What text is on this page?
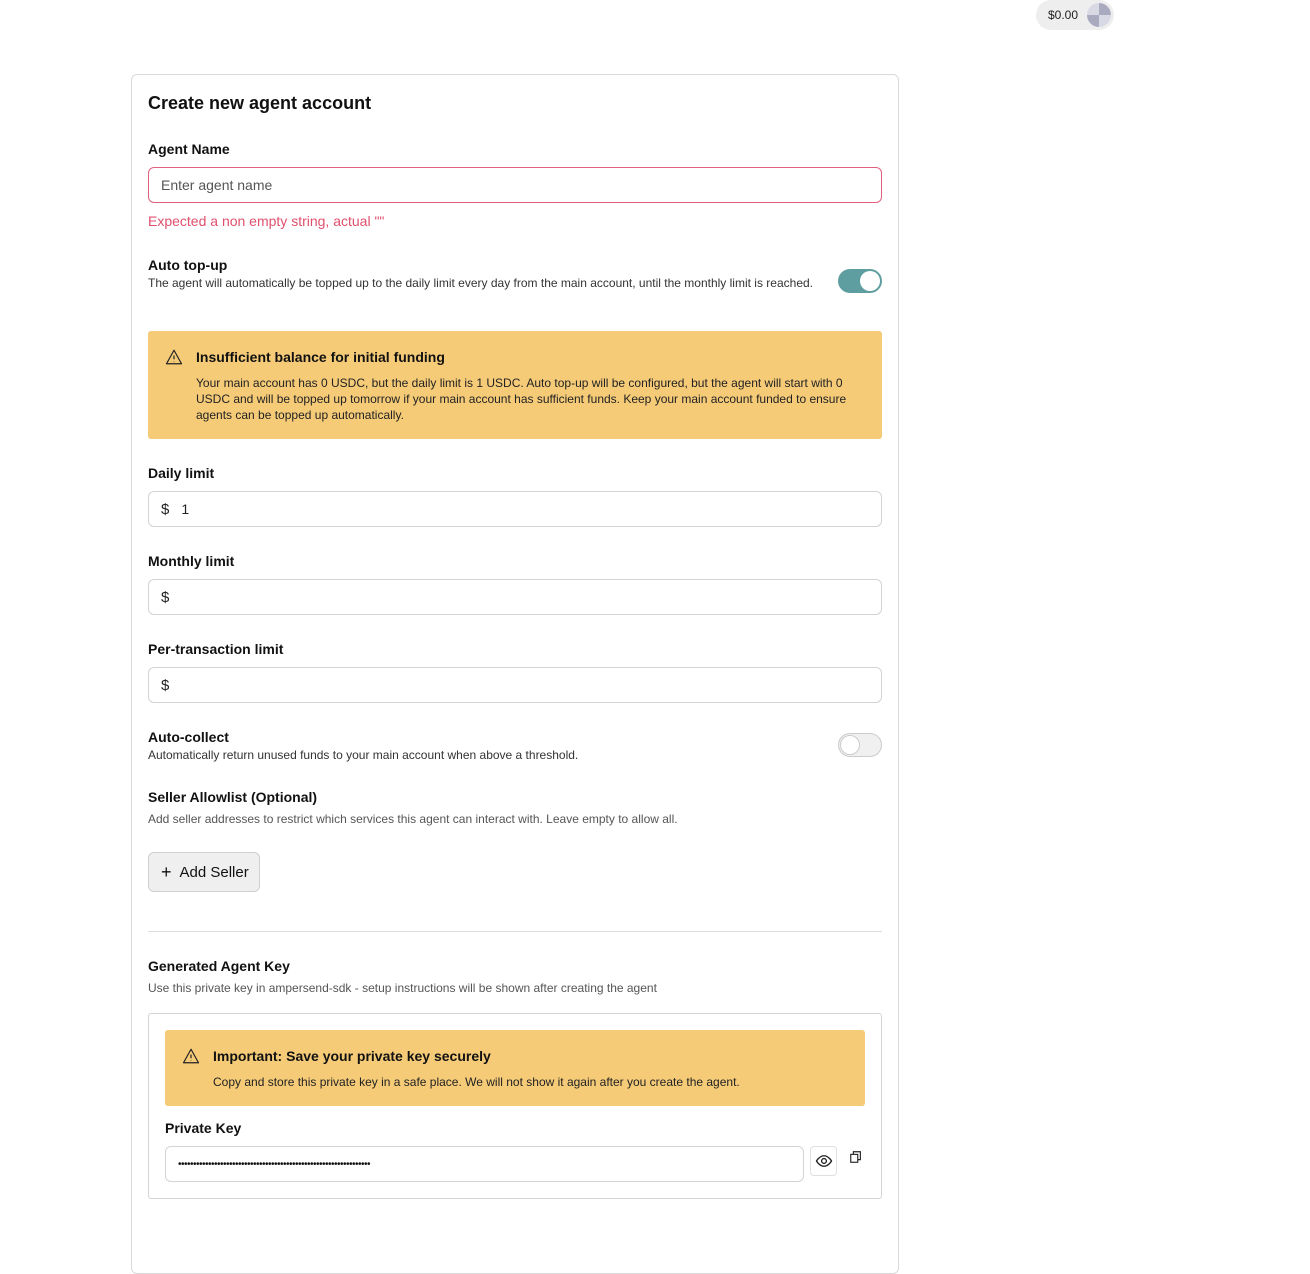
$0.00
Create new agent account
Agent Name
Enter agent name
Expected a non empty string, actual ""
Auto top-up
The agent will automatically be topped up to the daily limit every day from the main account, until the monthly limit is reached.
Insufficient balance for initial funding
Your main account has 0 USDC, but the daily limit is 1 USDC. Auto top-up will be configured, but the agent will start with 0 USDC and will be topped up tomorrow if your main account has sufficient funds. Keep your main account funded to ensure agents can be topped up automatically.
Daily limit
$ 1
Monthly limit
$
Per-transaction limit
$
Auto-collect
Automatically return unused funds to your main account when above a threshold.
Seller Allowlist (Optional)
Add seller addresses to restrict which services this agent can interact with. Leave empty to allow all.
+ Add Seller
Generated Agent Key
Use this private key in ampersend-sdk - setup instructions will be shown after creating the agent
Important: Save your private key securely
Copy and store this private key in a safe place. We will not show it again after you create the agent.
Private Key
••••••••••••••••••••••••••••••••••••••••••••••••••••••••••••••••
